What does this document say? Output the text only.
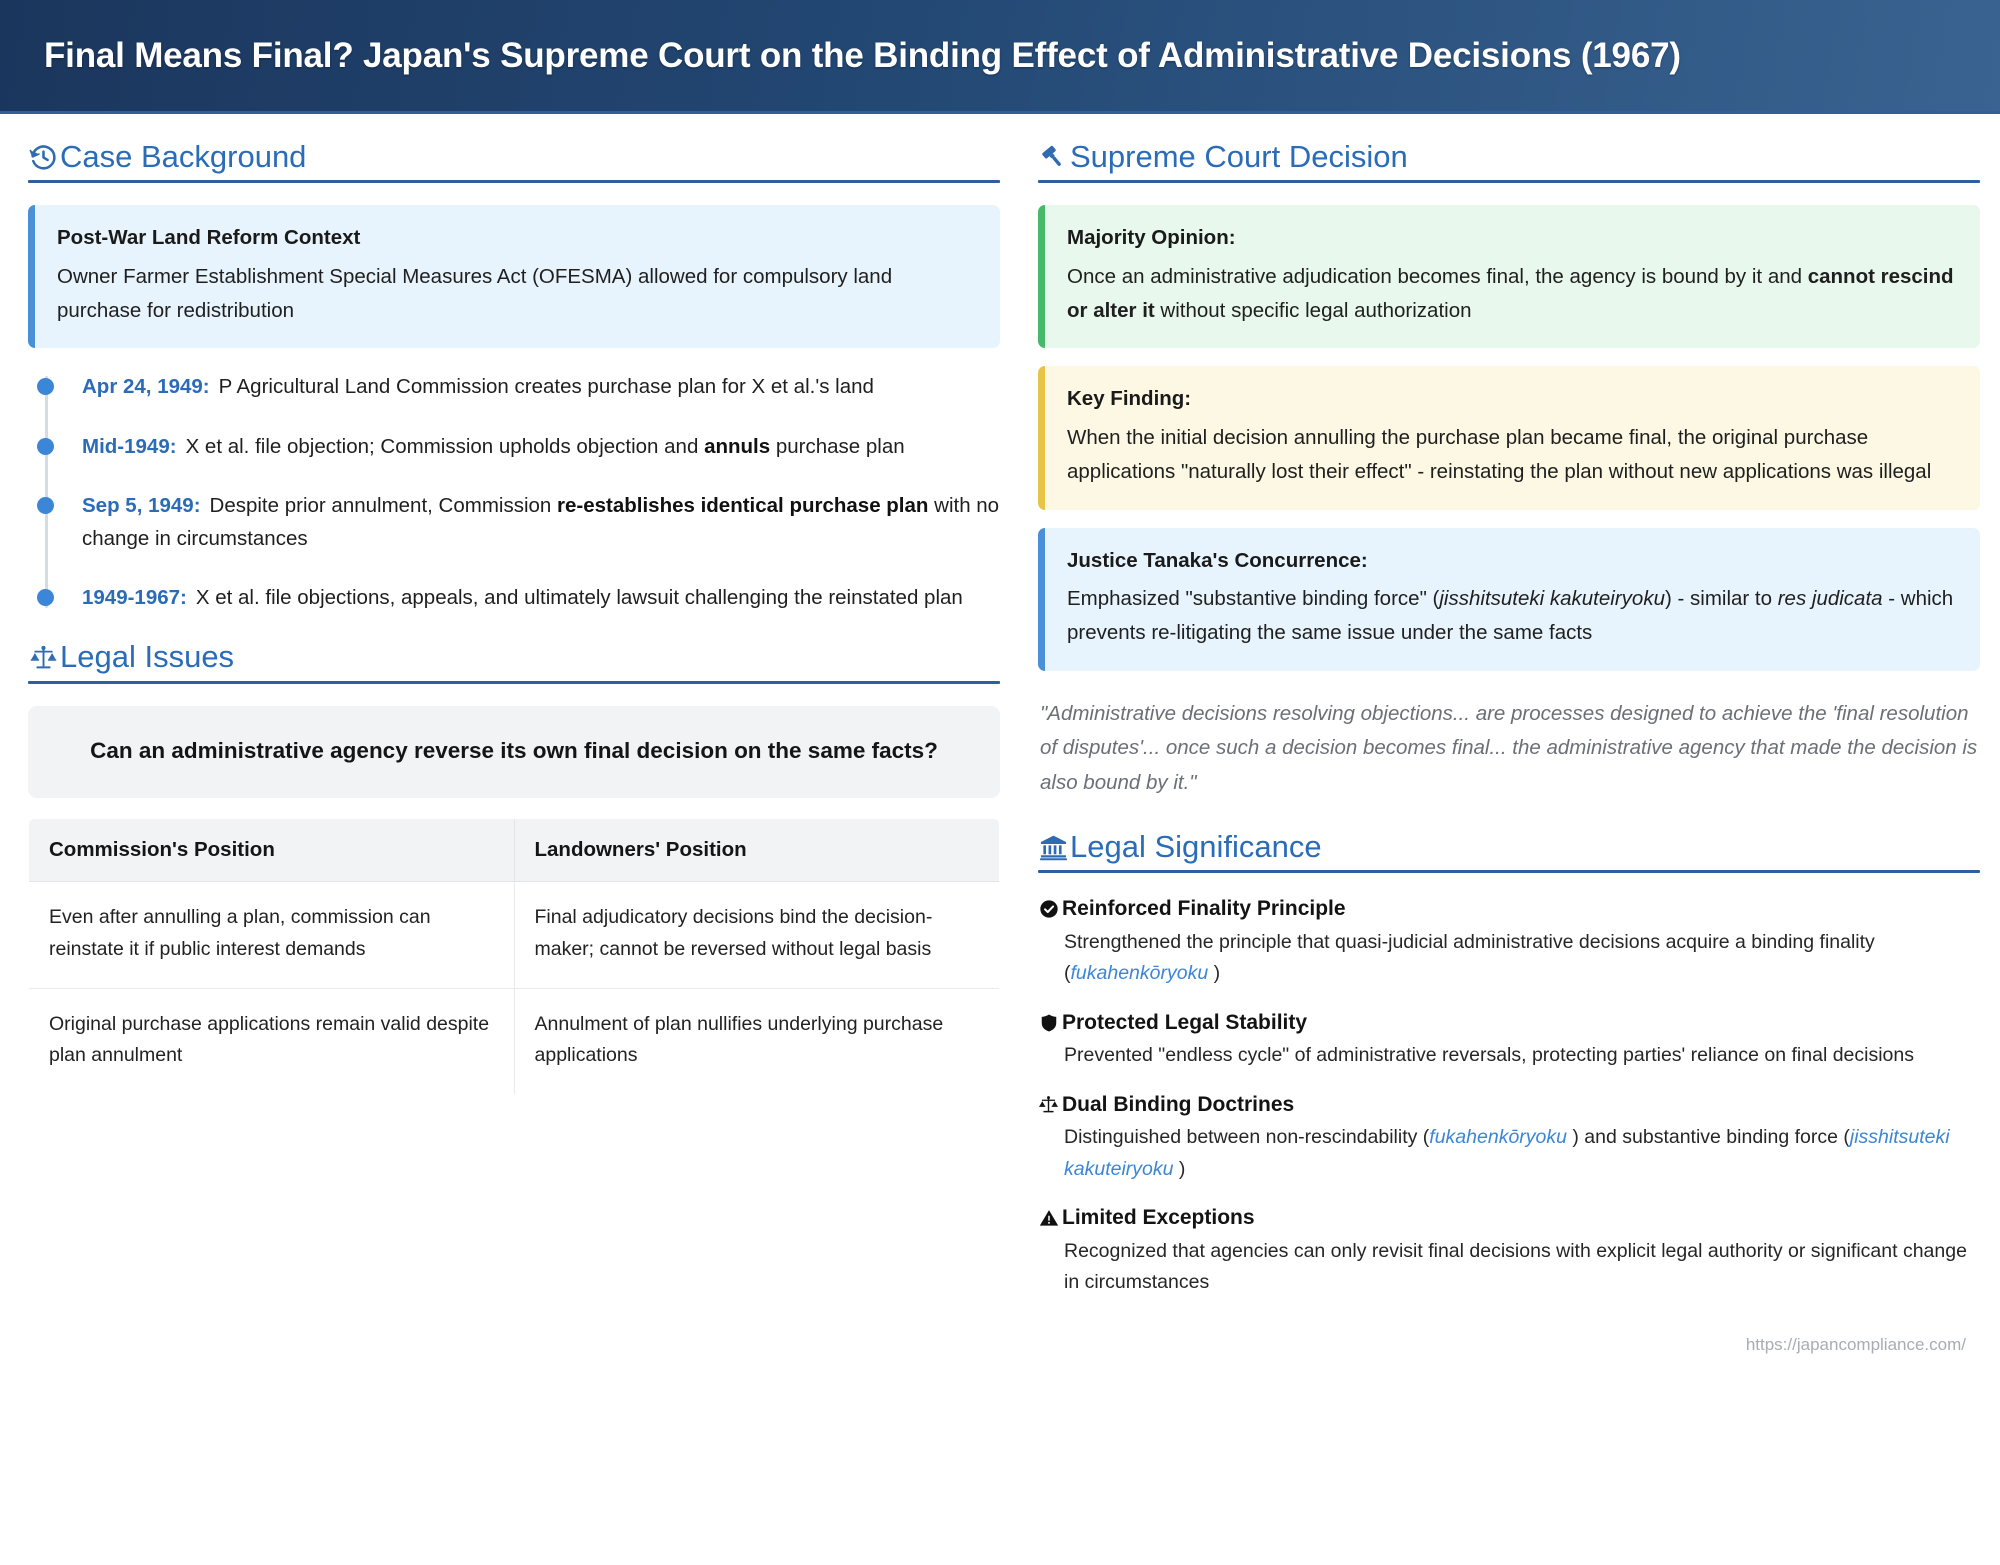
Final Means Final? Japan's Supreme Court on the Binding Effect of Administrative Decisions (1967)
Case Background
Post-War Land Reform Context
Owner Farmer Establishment Special Measures Act (OFESMA) allowed for compulsory land purchase for redistribution
Apr 24, 1949: P Agricultural Land Commission creates purchase plan for X et al.'s land
Mid-1949: X et al. file objection; Commission upholds objection and annuls purchase plan
Sep 5, 1949: Despite prior annulment, Commission re-establishes identical purchase plan with no change in circumstances
1949-1967: X et al. file objections, appeals, and ultimately lawsuit challenging the reinstated plan
Legal Issues
Can an administrative agency reverse its own final decision on the same facts?
Commission's Position	Landowners' Position
Even after annulling a plan, commission can reinstate it if public interest demands	Final adjudicatory decisions bind the decision-maker; cannot be reversed without legal basis
Original purchase applications remain valid despite plan annulment	Annulment of plan nullifies underlying purchase applications
Supreme Court Decision
Majority Opinion:
Once an administrative adjudication becomes final, the agency is bound by it and cannot rescind or alter it without specific legal authorization
Key Finding:
When the initial decision annulling the purchase plan became final, the original purchase applications "naturally lost their effect" - reinstating the plan without new applications was illegal
Justice Tanaka's Concurrence:
Emphasized "substantive binding force" (jisshitsuteki kakuteiryoku) - similar to res judicata - which prevents re-litigating the same issue under the same facts
"Administrative decisions resolving objections... are processes designed to achieve the 'final resolution of disputes'... once such a decision becomes final... the administrative agency that made the decision is also bound by it."
Legal Significance
Reinforced Finality Principle
Strengthened the principle that quasi-judicial administrative decisions acquire a binding finality (fukahenkōryoku )
Protected Legal Stability
Prevented "endless cycle" of administrative reversals, protecting parties' reliance on final decisions
Dual Binding Doctrines
Distinguished between non-rescindability (fukahenkōryoku ) and substantive binding force (jisshitsuteki kakuteiryoku )
Limited Exceptions
Recognized that agencies can only revisit final decisions with explicit legal authority or significant change in circumstances
https://japancompliance.com/
